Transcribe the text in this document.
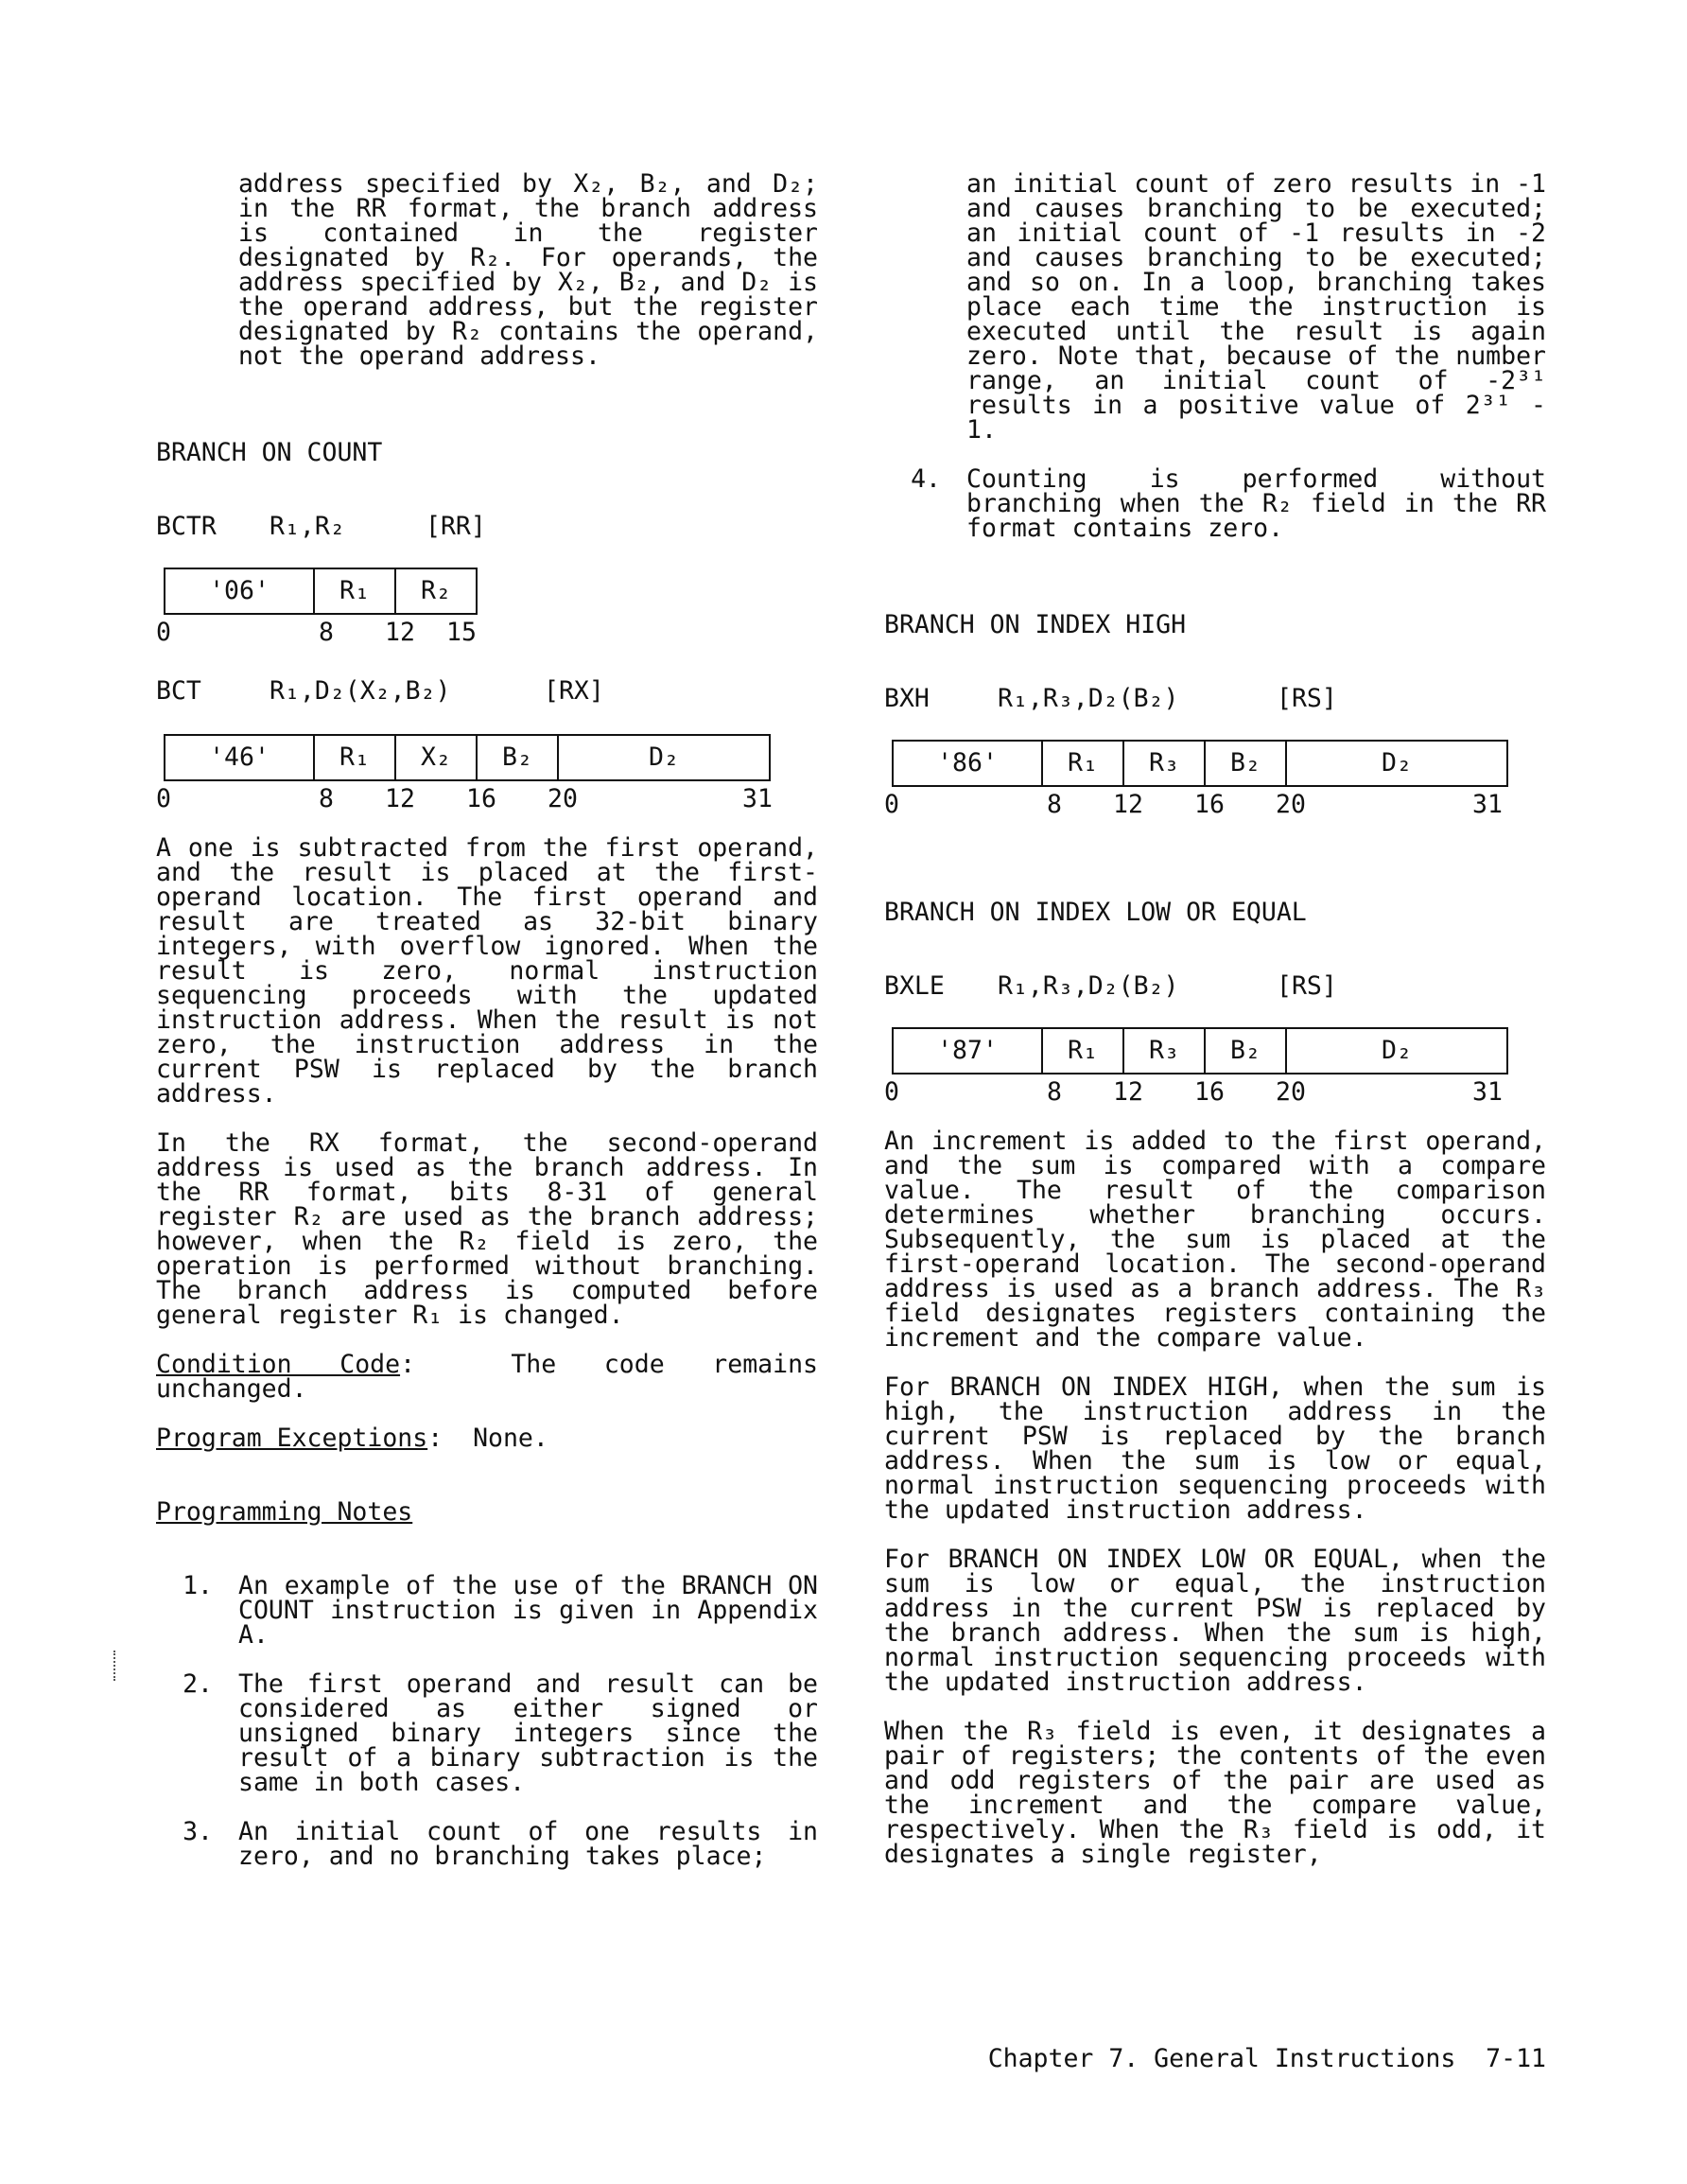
address specified by X₂, B₂, and D₂; in the RR format, the branch address is contained in the register designated by R₂. For operands, the address specified by X₂, B₂, and D₂ is the operand address, but the register designated by R₂ contains the operand, not the operand address.

BRANCH ON COUNT
BCTR R₁,R₂	[RR]
'06'	R₁	R₂
0	8 12 15
BCT	R₁,D₂(X₂,B₂)	[RX]
'46'	R₁	X₂	B₂	D₂
0	8 12 16 20	31

A one is subtracted from the first operand, and the result is placed at the first-operand location. The first operand and result are treated as 32-bit binary integers, with overflow ignored. When the result is zero, normal instruction sequencing proceeds with the updated instruction address. When the result is not zero, the instruction address in the current PSW is replaced by the branch address.

In the RX format, the second-operand address is used as the branch address. In the RR format, bits 8-31 of general register R₂ are used as the branch address; however, when the R₂ field is zero, the operation is performed without branching. The branch address is computed before general register R₁ is changed.

Condition Code:  The code remains unchanged.

Program Exceptions:  None.

Programming Notes
1.	An example of the use of the BRANCH ON COUNT instruction is given in Appendix A.
2.	The first operand and result can be considered as either signed or unsigned binary integers since the result of a binary subtraction is the same in both cases.
3.	An initial count of one results in zero, and no branching takes place;

an initial count of zero results in -1 and causes branching to be executed; an initial count of -1 results in -2 and causes branching to be executed; and so on. In a loop, branching takes place each time the instruction is executed until the result is again zero. Note that, because of the number range, an initial count of -2³¹ results in a positive value of 2³¹ - 1.

4.	Counting is performed without branching when the R₂ field in the RR format contains zero.
BRANCH ON INDEX HIGH
BXH	R₁,R₃,D₂(B₂)	[RS]
'86'	R₁	R₃	B₂	D₂
0	8 12 16 20	31
BRANCH ON INDEX LOW OR EQUAL
BXLE R₁,R₃,D₂(B₂)	[RS]
'87'	R₁	R₃	B₂	D₂
0	8 12 16 20	31

An increment is added to the first operand, and the sum is compared with a compare value. The result of the comparison determines whether branching occurs. Subsequently, the sum is placed at the first-operand location. The second-operand address is used as a branch address. The R₃ field designates registers containing the increment and the compare value.

For BRANCH ON INDEX HIGH, when the sum is high, the instruction address in the current PSW is replaced by the branch address. When the sum is low or equal, normal instruction sequencing proceeds with the updated instruction address.

For BRANCH ON INDEX LOW OR EQUAL, when the sum is low or equal, the instruction address in the current PSW is replaced by the branch address. When the sum is high, normal instruction sequencing proceeds with the updated instruction address.

When the R₃ field is even, it designates a pair of registers; the contents of the even and odd registers of the pair are used as the increment and the compare value, respectively. When the R₃ field is odd, it designates a single register,

Chapter 7. General Instructions  7-11
